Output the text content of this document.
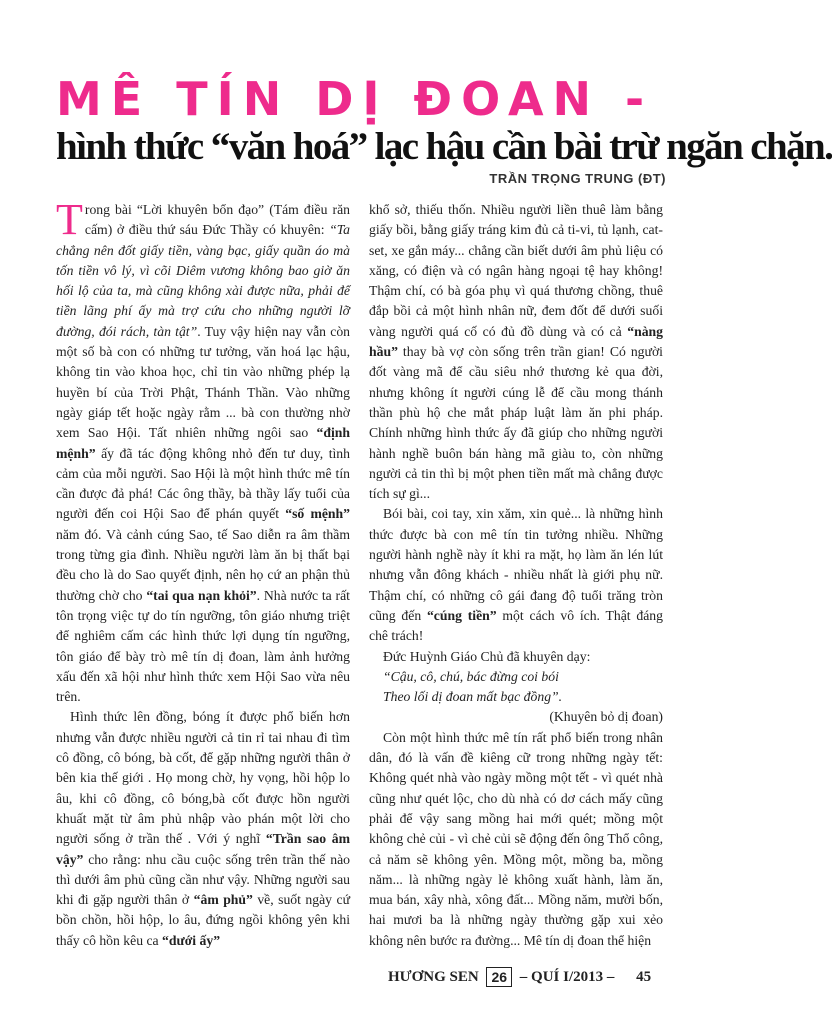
MÊ TÍN DỊ ĐOAN -
hình thức “văn hoá” lạc hậu cần bài trừ ngăn chặn.
TRẦN TRỌNG TRUNG (ĐT)

Trong bài “Lời khuyên bổn đạo” (Tám điều răn cấm) ở điều thứ sáu Đức Thầy có khuyên: “Ta chẳng nên đốt giấy tiền, vàng bạc, giấy quần áo mà tốn tiền vô lý, vì cõi Diêm vương không bao giờ ăn hối lộ của ta, mà cũng không xài được nữa, phải để tiền lãng phí ấy mà trợ cứu cho những người lỡ đường, đói rách, tàn tật”. Tuy vậy hiện nay vẫn còn một số bà con có những tư tưởng, văn hoá lạc hậu, không tin vào khoa học, chỉ tin vào những phép lạ huyền bí của Trời Phật, Thánh Thần. Vào những ngày giáp tết hoặc ngày rằm ... bà con thường nhờ xem Sao Hội. Tất nhiên những ngôi sao “định mệnh” ấy đã tác động không nhỏ đến tư duy, tình cảm của mỗi người. Sao Hội là một hình thức mê tín cần được đả phá! Các ông thầy, bà thầy lấy tuổi của người đến coi Hội Sao để phán quyết “số mệnh” năm đó. Và cảnh cúng Sao, tế Sao diễn ra âm thầm trong từng gia đình. Nhiều người làm ăn bị thất bại đều cho là do Sao quyết định, nên họ cứ an phận thủ thường chờ cho “tai qua nạn khỏi”. Nhà nước ta rất tôn trọng việc tự do tín ngưỡng, tôn giáo nhưng triệt để nghiêm cấm các hình thức lợi dụng tín ngưỡng, tôn giáo để bày trò mê tín dị đoan, làm ảnh hưởng xấu đến xã hội như hình thức xem Hội Sao vừa nêu trên.

Hình thức lên đồng, bóng ít được phổ biến hơn nhưng vẫn được nhiều người cả tin rỉ tai nhau đi tìm cô đồng, cô bóng, bà cốt, để gặp những người thân ở bên kia thế giới . Họ mong chờ, hy vọng, hồi hộp lo âu, khi cô đồng, cô bóng,bà cốt được hồn người khuất mặt từ âm phủ nhập vào phán một lời cho người sống ở trần thế . Với ý nghĩ “Trần sao âm vậy” cho rằng: nhu cầu cuộc sống trên trần thế nào thì dưới âm phủ cũng cần như vậy. Những người sau khi đi gặp người thân ở “âm phủ” về, suốt ngày cứ bồn chồn, hồi hộp, lo âu, đứng ngồi không yên khi thấy cô hồn kêu ca “dưới ấy”

khổ sở, thiếu thốn. Nhiều người liền thuê làm bằng giấy bồi, bằng giấy tráng kim đủ cả ti-vi, tủ lạnh, cat-set, xe gắn máy... chẳng cần biết dưới âm phủ liệu có xăng, có điện và có ngân hàng ngoại tệ hay không! Thậm chí, có bà góa phụ vì quá thương chồng, thuê đắp bồi cả một hình nhân nữ, đem đốt để dưới suối vàng người quá cố có đủ đồ dùng và có cả “nàng hầu” thay bà vợ còn sống trên trần gian! Có người đốt vàng mã để cầu siêu nhớ thương kẻ qua đời, nhưng không ít người cúng lễ để cầu mong thánh thần phù hộ che mắt pháp luật làm ăn phi pháp. Chính những hình thức ấy đã giúp cho những người hành nghề buôn bán hàng mã giàu to, còn những người cả tin thì bị một phen tiền mất mà chẳng được tích sự gì...

Bói bài, coi tay, xin xăm, xin quẻ... là những hình thức được bà con mê tín tin tưởng nhiều. Những người hành nghề này ít khi ra mặt, họ làm ăn lén lút nhưng vẫn đông khách - nhiều nhất là giới phụ nữ. Thậm chí, có những cô gái đang độ tuổi trăng tròn cũng đến “cúng tiền” một cách vô ích. Thật đáng chê trách!

Đức Huỳnh Giáo Chủ đã khuyên dạy:

“Cậu, cô, chú, bác đừng coi bói

Theo lối dị đoan mất bạc đồng”.

(Khuyên bỏ dị đoan)

Còn một hình thức mê tín rất phổ biến trong nhân dân, đó là vấn đề kiêng cữ trong những ngày tết: Không quét nhà vào ngày mồng một tết - vì quét nhà cũng như quét lộc, cho dù nhà có dơ cách mấy cũng phải để vậy sang mồng hai mới quét; mồng một không chẻ củi - vì chẻ củi sẽ động đến ông Thổ công, cả năm sẽ không yên. Mồng một, mồng ba, mồng năm... là những ngày lẻ không xuất hành, làm ăn, mua bán, xây nhà, xông đất... Mồng năm, mười bốn, hai mươi ba là những ngày thường gặp xui xẻo không nên bước ra đường... Mê tín dị đoan thể hiện

HƯƠNG SEN 26 – QUÍ I/2013 – 45
